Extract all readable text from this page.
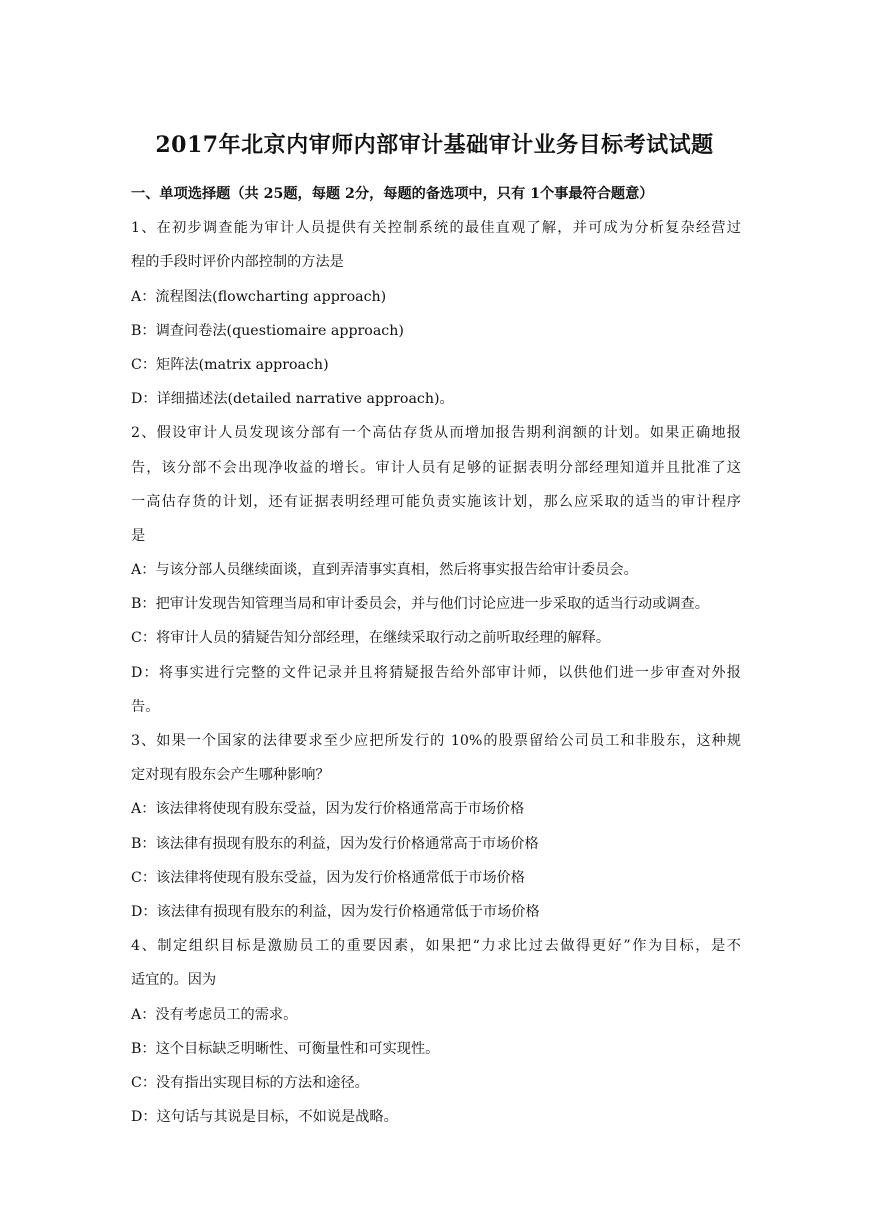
2017年北京内审师内部审计基础审计业务目标考试试题
一、单项选择题（共 25题，每题 2分，每题的备选项中，只有 1个事最符合题意）
1、在初步调查能为审计人员提供有关控制系统的最佳直观了解，并可成为分析复杂经营过
程的手段时评价内部控制的方法是
A：流程图法(flowcharting approach)
B：调查问卷法(questiomaire approach)
C：矩阵法(matrix approach)
D：详细描述法(detailed narrative approach)。
2、假设审计人员发现该分部有一个高估存货从而增加报告期利润额的计划。如果正确地报
告，该分部不会出现净收益的增长。审计人员有足够的证据表明分部经理知道并且批准了这
一高估存货的计划，还有证据表明经理可能负责实施该计划，那么应采取的适当的审计程序
是
A：与该分部人员继续面谈，直到弄清事实真相，然后将事实报告给审计委员会。
B：把审计发现告知管理当局和审计委员会，并与他们讨论应进一步采取的适当行动或调查。
C：将审计人员的猜疑告知分部经理，在继续采取行动之前听取经理的解释。
D：将事实进行完整的文件记录并且将猜疑报告给外部审计师，以供他们进一步审查对外报
告。
3、如果一个国家的法律要求至少应把所发行的 10%的股票留给公司员工和非股东，这种规
定对现有股东会产生哪种影响？
A：该法律将使现有股东受益，因为发行价格通常高于市场价格
B：该法律有损现有股东的利益，因为发行价格通常高于市场价格
C：该法律将使现有股东受益，因为发行价格通常低于市场价格
D：该法律有损现有股东的利益，因为发行价格通常低于市场价格
4、制定组织目标是激励员工的重要因素，如果把“力求比过去做得更好”作为目标，是不
适宜的。因为
A：没有考虑员工的需求。
B：这个目标缺乏明晰性、可衡量性和可实现性。
C：没有指出实现目标的方法和途径。
D：这句话与其说是目标，不如说是战略。
